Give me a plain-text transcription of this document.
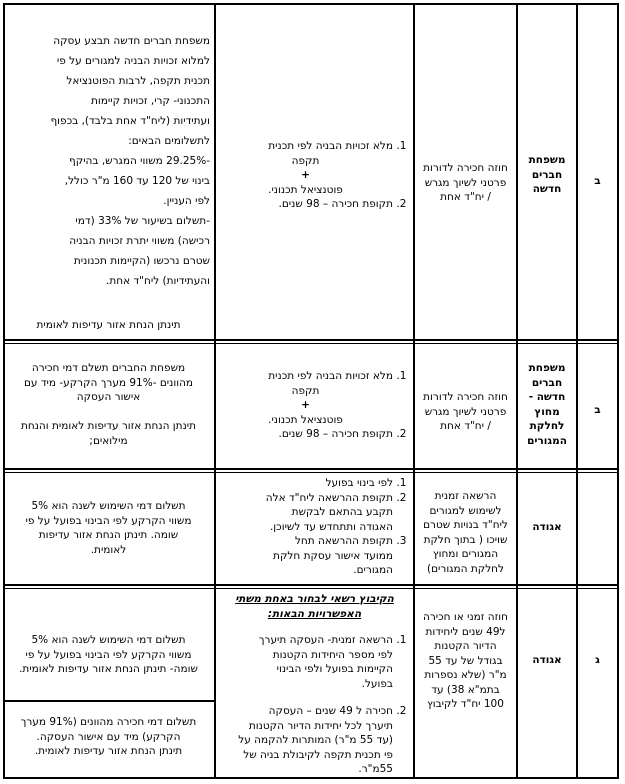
ב
משפחת
חברים
חדשה
חוזה חכירה לדורות
פרטני לשיוך מגרש
/ יח"ד אחת
1. מלא זכויות הבניה לפי תכנית
תקפה
+
פוטנציאל תכנוני.
2. תקופת חכירה – 98 שנים.
משפחת חברים חדשה תבצע עסקה
למלוא זכויות הבניה למגורים על פי
תכנית תקפה, לרבות הפוטנציאל
התכנוני- קרי, זכויות קיימות
ועתידיות (ליח"ד אחת בלבד), בכפוף
לתשלומים הבאים:
-29.25% משווי המגרש, בהיקף
בינוי של 120 עד 160 מ"ר כולל,
לפי העניין.
-תשלום בשיעור של 33% (דמי
רכישה) משווי יתרת זכויות הבניה
שטרם נרכשו (הקיימות תכנונית
והעתידיות) ליח"ד אחת.
תינתן הנחת אזור עדיפות לאומית
ב
משפחת
חברים
חדשה -
מחוץ
לחלקת
המגורים
חוזה חכירה לדורות
פרטני לשיוך מגרש
/ יח"ד אחת
1. מלא זכויות הבניה לפי תכנית
תקפה
+
פוטנציאל תכנוני.
2. תקופת חכירה – 98 שנים.
משפחת החברים תשלם דמי חכירה
מהוונים -91% מערך הקרקע- מיד עם
אישור העסקה

תינתן הנחת אזור עדיפות לאומית והנחת
מילואים;
אגודה
הרשאה זמנית
לשימוש למגורים
ליח"ד בנויות שטרם
שויכו ( בתוך חלקת
המגורים ומחוץ
לחלקת המגורים)
1. לפי בינוי בפועל
2. תקופת ההרשאה ליח"ד אלה
תקבע בהתאם לבקשת
האגודה ותתחדש עד לשיוכן.
3. תקופת ההרשאה תחל
ממועד אישור עסקת חלקת
המגורים.
תשלום דמי השימוש לשנה הוא 5%
משווי הקרקע לפי הבינוי בפועל על פי
שומה. תינתן הנחת אזור עדיפות
לאומית.
ג
אגודה
חוזה זמני או חכירה
ל49 שנים ליחידות
הדיור הקטנות
בגודל של עד 55
מ"ר (שלא נספרות
בתמ"א 38) עד
100 יח"ד לקיבוץ
הקיבוץ רשאי לבחור באחת משתי
האפשרויות הבאות:
1. הרשאה זמנית- העסקה תיערך
לפי מספר היחידות הקטנות
הקיימות בפועל ולפי הבינוי
בפועל.
2. חכירה ל 49 שנים – העסקה
תיערך לכל יחידות הדיור הקטנות
(עד 55 מ"ר) המותרות להקמה על
פי תכנית תקפה לקיבולת בניה של
55מ"ר.
תשלום דמי השימוש לשנה הוא 5%
משווי הקרקע לפי הבינוי בפועל על פי
שומה- תינתן הנחת אזור עדיפות לאומית.
תשלום דמי חכירה מהוונים (91% מערך
הקרקע) מיד עם אישור העסקה.
תינתן הנחת אזור עדיפות לאומית.
